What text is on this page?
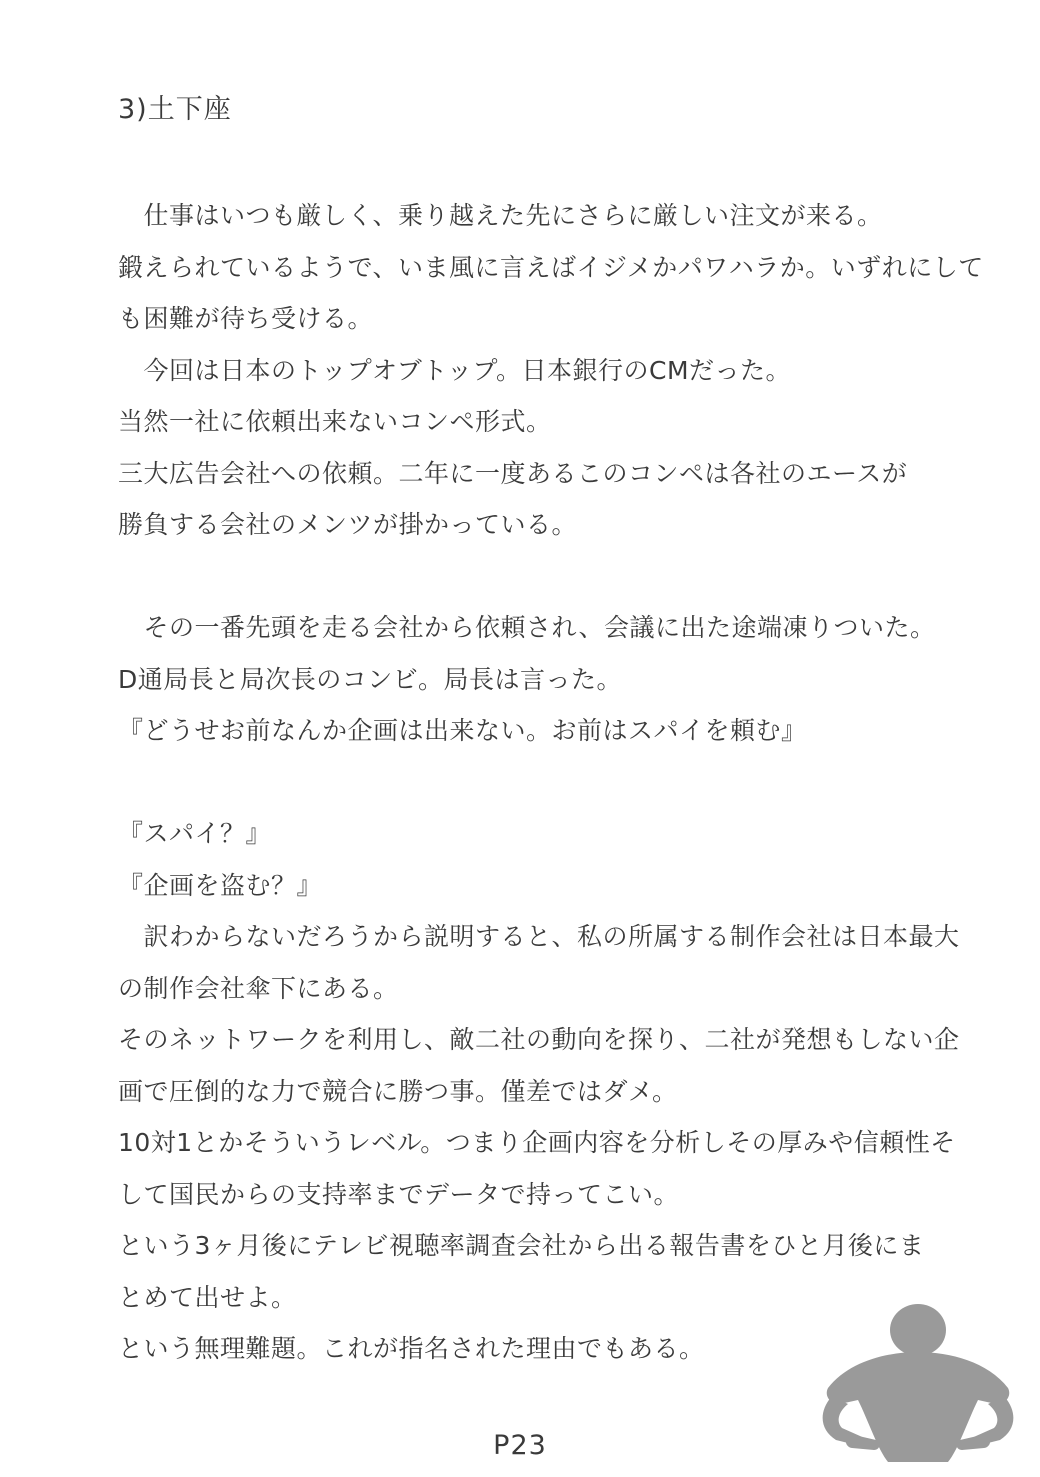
3)土下座
　仕事はいつも厳しく、乗り越えた先にさらに厳しい注文が来る。
鍛えられているようで、いま風に言えばイジメかパワハラか。いずれにして
も困難が待ち受ける。
　今回は日本のトップオブトップ。日本銀行のCMだった。
当然一社に依頼出来ないコンペ形式。
三大広告会社への依頼。二年に一度あるこのコンペは各社のエースが
勝負する会社のメンツが掛かっている。
　その一番先頭を走る会社から依頼され、会議に出た途端凍りついた。
D通局長と局次長のコンビ。局長は言った。
『どうせお前なんか企画は出来ない。お前はスパイを頼む』
『スパイ？』
『企画を盗む？』
　訳わからないだろうから説明すると、私の所属する制作会社は日本最大
の制作会社傘下にある。
そのネットワークを利用し、敵二社の動向を探り、二社が発想もしない企
画で圧倒的な力で競合に勝つ事。僅差ではダメ。
10対1とかそういうレベル。つまり企画内容を分析しその厚みや信頼性そ
して国民からの支持率までデータで持ってこい。
という3ヶ月後にテレビ視聴率調査会社から出る報告書をひと月後にま
とめて出せよ。
という無理難題。これが指名された理由でもある。
P23
